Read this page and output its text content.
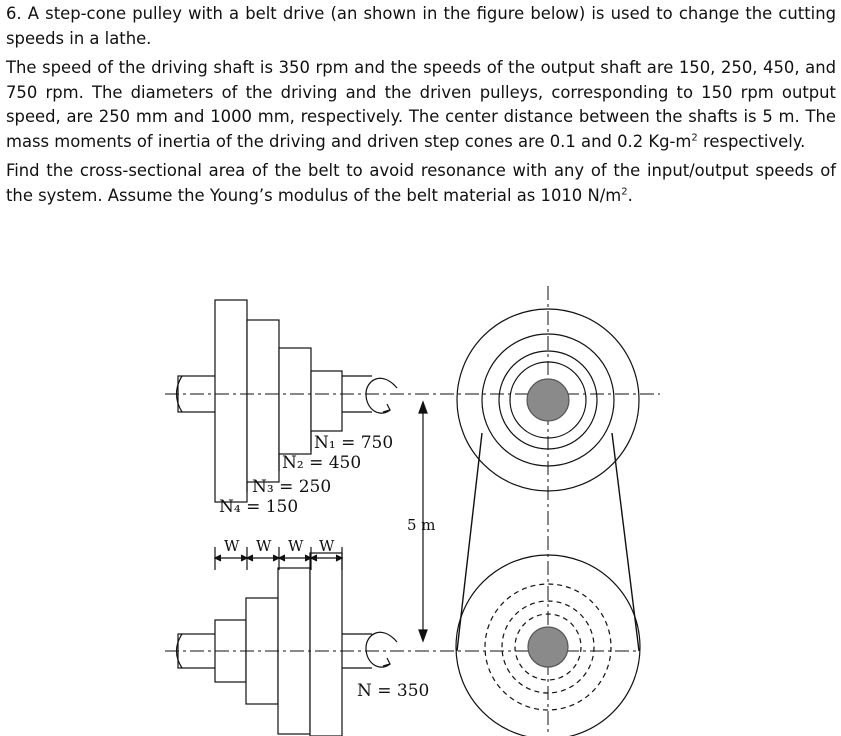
6. A step-cone pulley with a belt drive (an shown in the figure below) is used to change the cutting speeds in a lathe.

The speed of the driving shaft is 350 rpm and the speeds of the output shaft are 150, 250, 450, and 750 rpm. The diameters of the driving and the driven pulleys, corresponding to 150 rpm output speed, are 250 mm and 1000 mm, respectively. The center distance between the shafts is 5 m. The mass moments of inertia of the driving and driven step cones are 0.1 and 0.2 $Kg-m^2$ respectively.

Find the cross-sectional area of the belt to avoid resonance with any of the input/output speeds of the system. Assume the Young’s modulus of the belt material as 1010 $N/m^2$.

N₁ = 750
N₂ = 450
N₃ = 250
N₄ = 150
W W W W
5 m
N = 350
